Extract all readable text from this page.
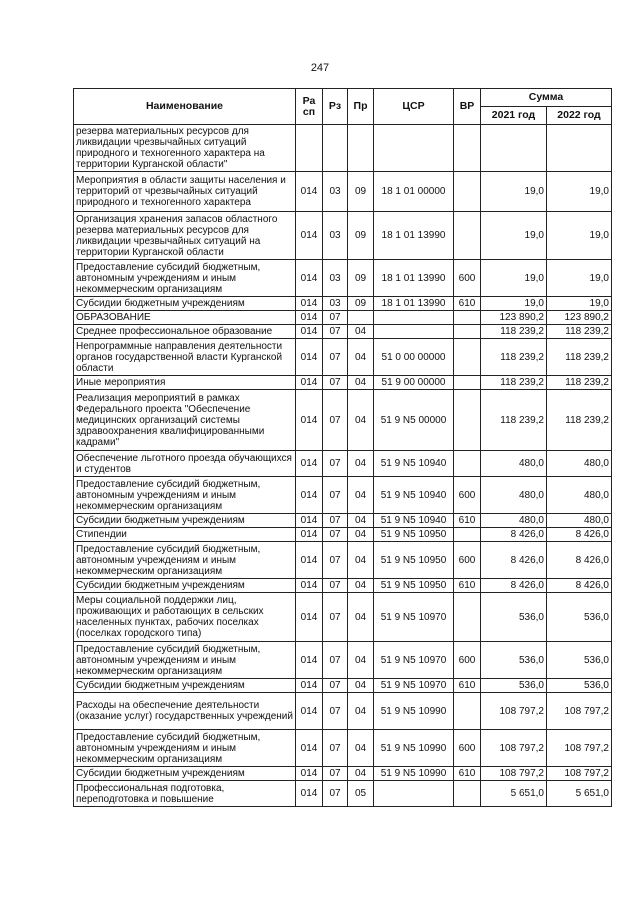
247
Наименование	Ра сп	Рз	Пр	ЦСР	ВР	Сумма	
						2021 год	2022 год
резерва материальных ресурсов для ликвидации чрезвычайных ситуаций природного и техногенного характера на территории Курганской области"							
Мероприятия в области защиты населения и территорий от чрезвычайных ситуаций природного и техногенного характера	014	03	09	18 1 01 00000		19,0	19,0
Организация хранения запасов областного резерва материальных ресурсов для ликвидации чрезвычайных ситуаций на территории Курганской области	014	03	09	18 1 01 13990		19,0	19,0
Предоставление субсидий бюджетным, автономным учреждениям и иным некоммерческим организациям	014	03	09	18 1 01 13990	600	19,0	19,0
Субсидии бюджетным учреждениям	014	03	09	18 1 01 13990	610	19,0	19,0
ОБРАЗОВАНИЕ	014	07				123 890,2	123 890,2
Среднее профессиональное образование	014	07	04			118 239,2	118 239,2
Непрограммные направления деятельности органов государственной власти Курганской области	014	07	04	51 0 00 00000		118 239,2	118 239,2
Иные мероприятия	014	07	04	51 9 00 00000		118 239,2	118 239,2
Реализация мероприятий в рамках Федерального проекта "Обеспечение медицинских организаций системы здравоохранения квалифицированными кадрами"	014	07	04	51 9 N5 00000		118 239,2	118 239,2
Обеспечение льготного проезда обучающихся и студентов	014	07	04	51 9 N5 10940		480,0	480,0
Предоставление субсидий бюджетным, автономным учреждениям и иным некоммерческим организациям	014	07	04	51 9 N5 10940	600	480,0	480,0
Субсидии бюджетным учреждениям	014	07	04	51 9 N5 10940	610	480,0	480,0
Стипендии	014	07	04	51 9 N5 10950		8 426,0	8 426,0
Предоставление субсидий бюджетным, автономным учреждениям и иным некоммерческим организациям	014	07	04	51 9 N5 10950	600	8 426,0	8 426,0
Субсидии бюджетным учреждениям	014	07	04	51 9 N5 10950	610	8 426,0	8 426,0
Меры социальной поддержки лиц, проживающих и работающих в сельских населенных пунктах, рабочих поселках (поселках городского типа)	014	07	04	51 9 N5 10970		536,0	536,0
Предоставление субсидий бюджетным, автономным учреждениям и иным некоммерческим организациям	014	07	04	51 9 N5 10970	600	536,0	536,0
Субсидии бюджетным учреждениям	014	07	04	51 9 N5 10970	610	536,0	536,0
Расходы на обеспечение деятельности (оказание услуг) государственных учреждений	014	07	04	51 9 N5 10990		108 797,2	108 797,2
Предоставление субсидий бюджетным, автономным учреждениям и иным некоммерческим организациям	014	07	04	51 9 N5 10990	600	108 797,2	108 797,2
Субсидии бюджетным учреждениям	014	07	04	51 9 N5 10990	610	108 797,2	108 797,2
Профессиональная подготовка, переподготовка и повышение	014	07	05			5 651,0	5 651,0
